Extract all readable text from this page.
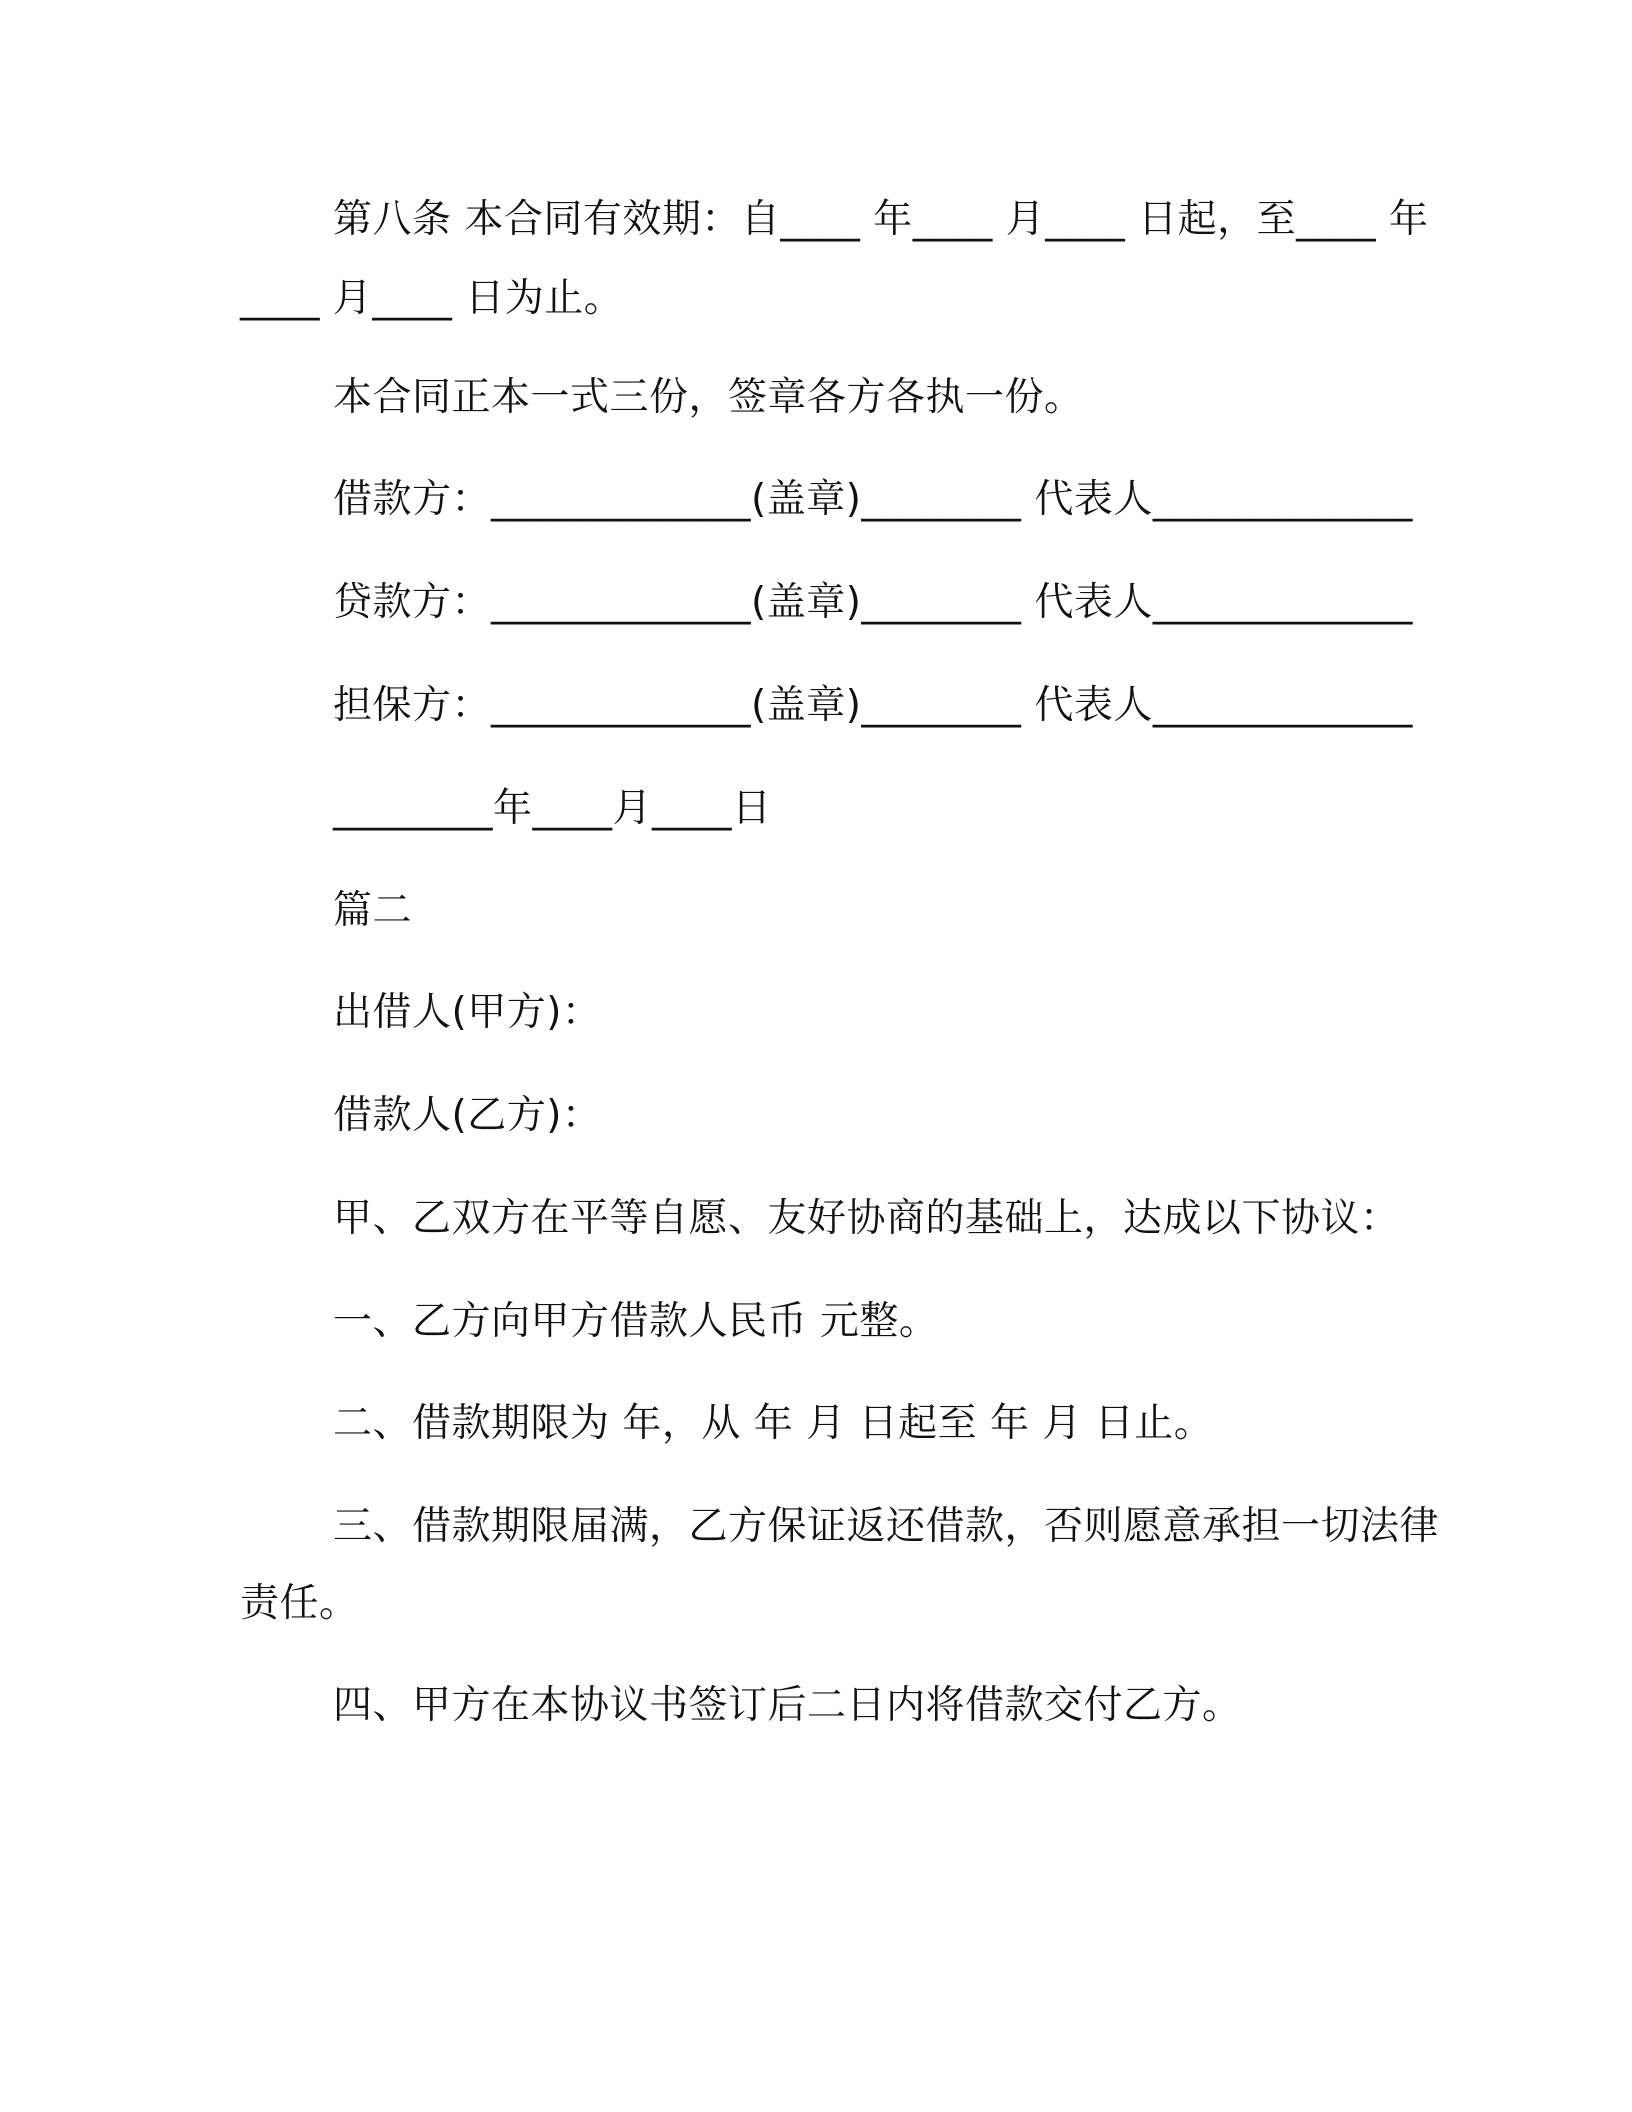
第八条 本合同有效期：自____ 年____ 月____ 日起，至____ 年
____ 月____ 日为止。
本合同正本一式三份，签章各方各执一份。
借款方：_____________(盖章)________ 代表人_____________
贷款方：_____________(盖章)________ 代表人_____________
担保方：_____________(盖章)________ 代表人_____________
________年____月____日
篇二
出借人(甲方)：
借款人(乙方)：
甲、乙双方在平等自愿、友好协商的基础上，达成以下协议：
一、乙方向甲方借款人民币 元整。
二、借款期限为 年，从 年 月 日起至 年 月 日止。
三、借款期限届满，乙方保证返还借款，否则愿意承担一切法律
责任。
四、甲方在本协议书签订后二日内将借款交付乙方。
